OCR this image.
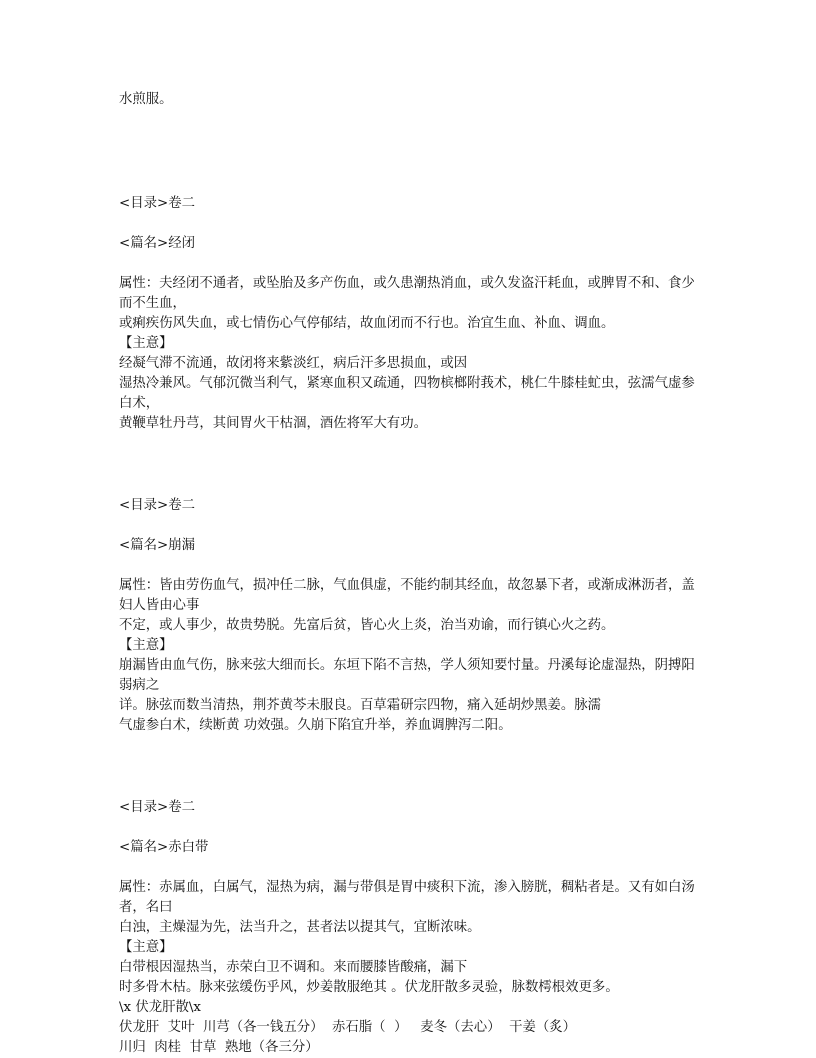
水煎服。
<目录>卷二
<篇名>经闭
属性：夫经闭不通者，或坠胎及多产伤血，或久患潮热消血，或久发盗汗耗血，或脾胃不和、食少而不生血，
或痢疾伤风失血，或七情伤心气停郁结，故血闭而不行也。治宜生血、补血、调血。
【主意】
经凝气滞不流通，故闭将来紫淡红，病后汗多思损血，或因
湿热冷兼风。气郁沉微当利气，紧寒血积又疏通，四物槟榔附莪术，桃仁牛膝桂虻虫，弦濡气虚参白术，
黄鞭草牡丹芎，其间胃火干枯涸，酒佐将军大有功。
<目录>卷二
<篇名>崩漏
属性：皆由劳伤血气，损冲任二脉，气血俱虚，不能约制其经血，故忽暴下者，或渐成淋沥者，盖妇人皆由心事
不定，或人事少，故贵势脱。先富后贫，皆心火上炎，治当劝谕，而行镇心火之药。
【主意】
崩漏皆由血气伤，脉来弦大细而长。东垣下陷不言热，学人须知要忖量。丹溪每论虚湿热，阴搏阳弱病之
详。脉弦而数当清热，荆芥黄芩未服良。百草霜研宗四物，痛入延胡炒黑姜。脉濡
气虚参白术，续断黄 功效强。久崩下陷宜升举，养血调脾泻二阳。
<目录>卷二
<篇名>赤白带
属性：赤属血，白属气，湿热为病，漏与带俱是胃中痰积下流，渗入膀胱，稠粘者是。又有如白汤者，名曰
白浊，主燥湿为先，法当升之，甚者法以提其气，宜断浓味。
【主意】
白带根因湿热当，赤荣白卫不调和。来而腰膝皆酸痛，漏下
时多骨木枯。脉来弦缓伤乎风，炒姜散服绝其 。伏龙肝散多灵验，脉数樗根效更多。
\x 伏龙肝散\x
伏龙肝  艾叶  川芎（各一钱五分）  赤石脂（  ）   麦冬（去心）  干姜（炙）
川归  肉桂  甘草  熟地（各三分）
